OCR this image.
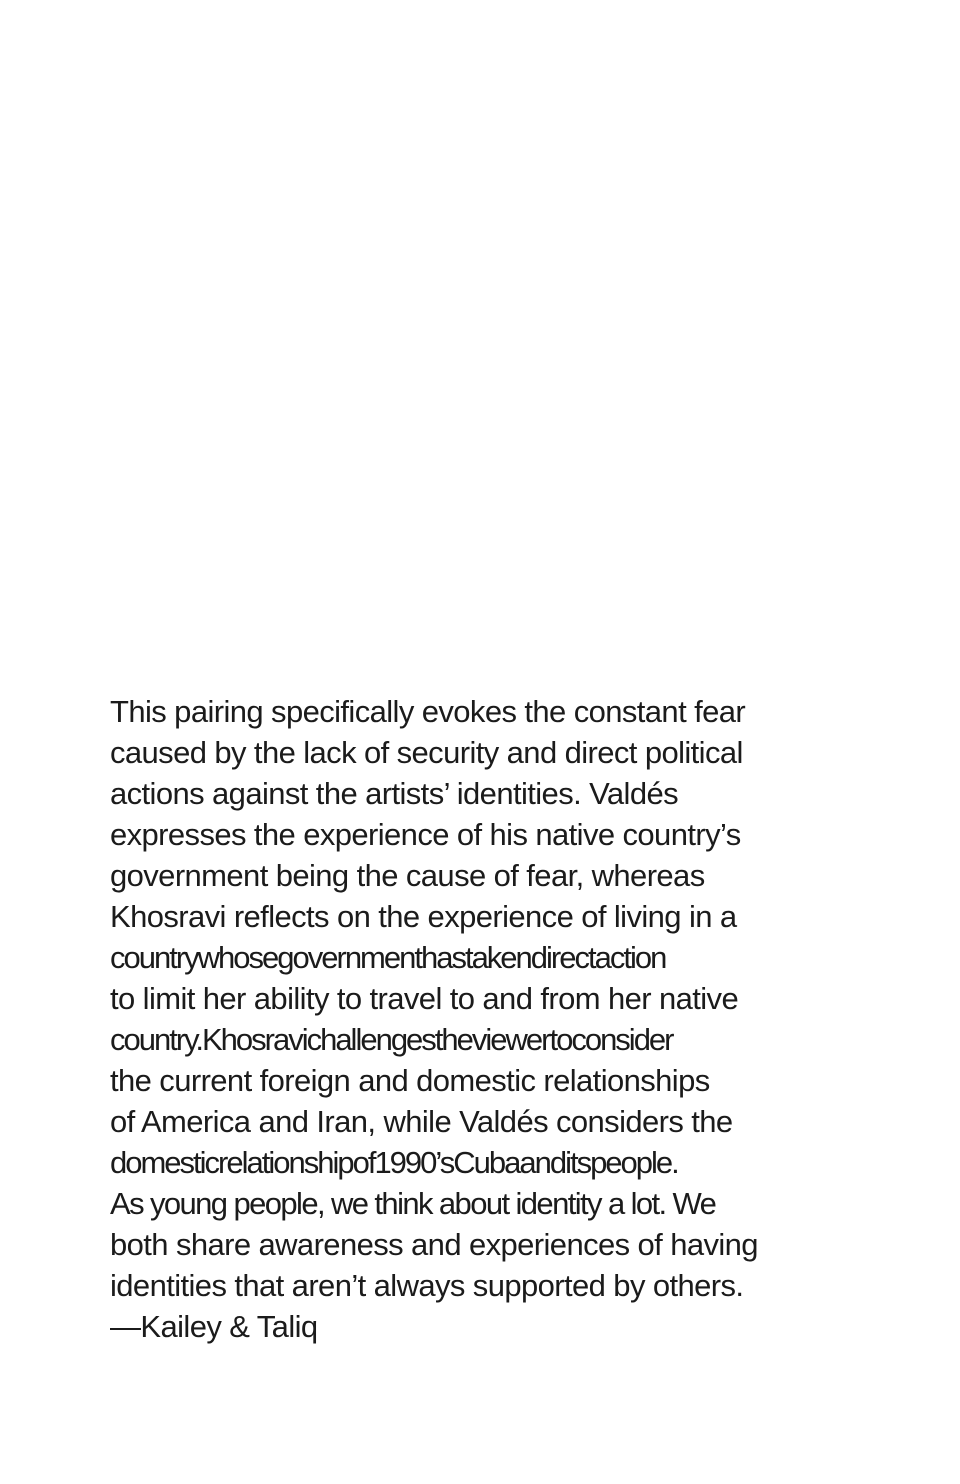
This pairing specifically evokes the constant fear
caused by the lack of security and direct political
actions against the artists’ identities. Valdés
expresses the experience of his native country’s
government being the cause of fear, whereas
Khosravi reflects on the experience of living in a
countrywhosegovernmenthastakendirectaction
to limit her ability to travel to and from her native
country.Khosravichallengestheviewertoconsider
the current foreign and domestic relationships
of America and Iran, while Valdés considers the
domesticrelationshipof1990’sCubaanditspeople.
As young people, we think about identity a lot. We
both share awareness and experiences of having
identities that aren’t always supported by others.
—Kailey & Taliq
